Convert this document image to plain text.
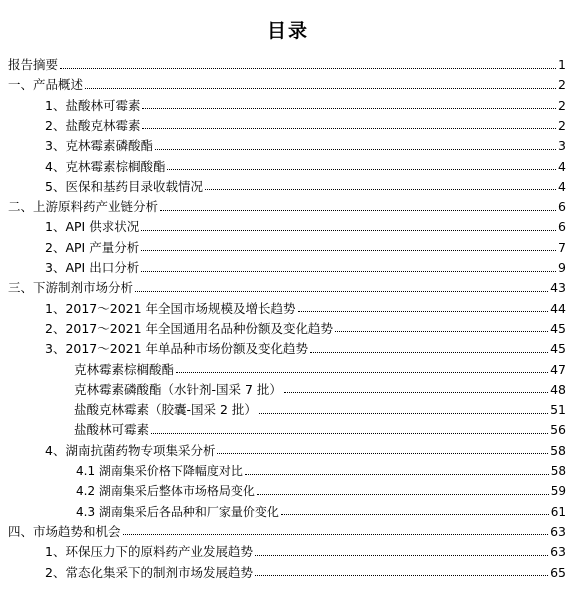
目录
报告摘要	1
一、产品概述	2
1、盐酸林可霉素	2
2、盐酸克林霉素	2
3、克林霉素磷酸酯	3
4、克林霉素棕榈酸酯	4
5、医保和基药目录收载情况	4
二、上游原料药产业链分析	6
1、API 供求状况	6
2、API 产量分析	7
3、API 出口分析	9
三、下游制剂市场分析	43
1、2017～2021 年全国市场规模及增长趋势	44
2、2017～2021 年全国通用名品种份额及变化趋势	45
3、2017～2021 年单品种市场份额及变化趋势	45
克林霉素棕榈酸酯	47
克林霉素磷酸酯（水针剂-国采 7 批）	48
盐酸克林霉素（胶囊-国采 2 批）	51
盐酸林可霉素	56
4、湖南抗菌药物专项集采分析	58
4.1 湖南集采价格下降幅度对比	58
4.2 湖南集采后整体市场格局变化	59
4.3 湖南集采后各品种和厂家量价变化	61
四、市场趋势和机会	63
1、环保压力下的原料药产业发展趋势	63
2、常态化集采下的制剂市场发展趋势	65
